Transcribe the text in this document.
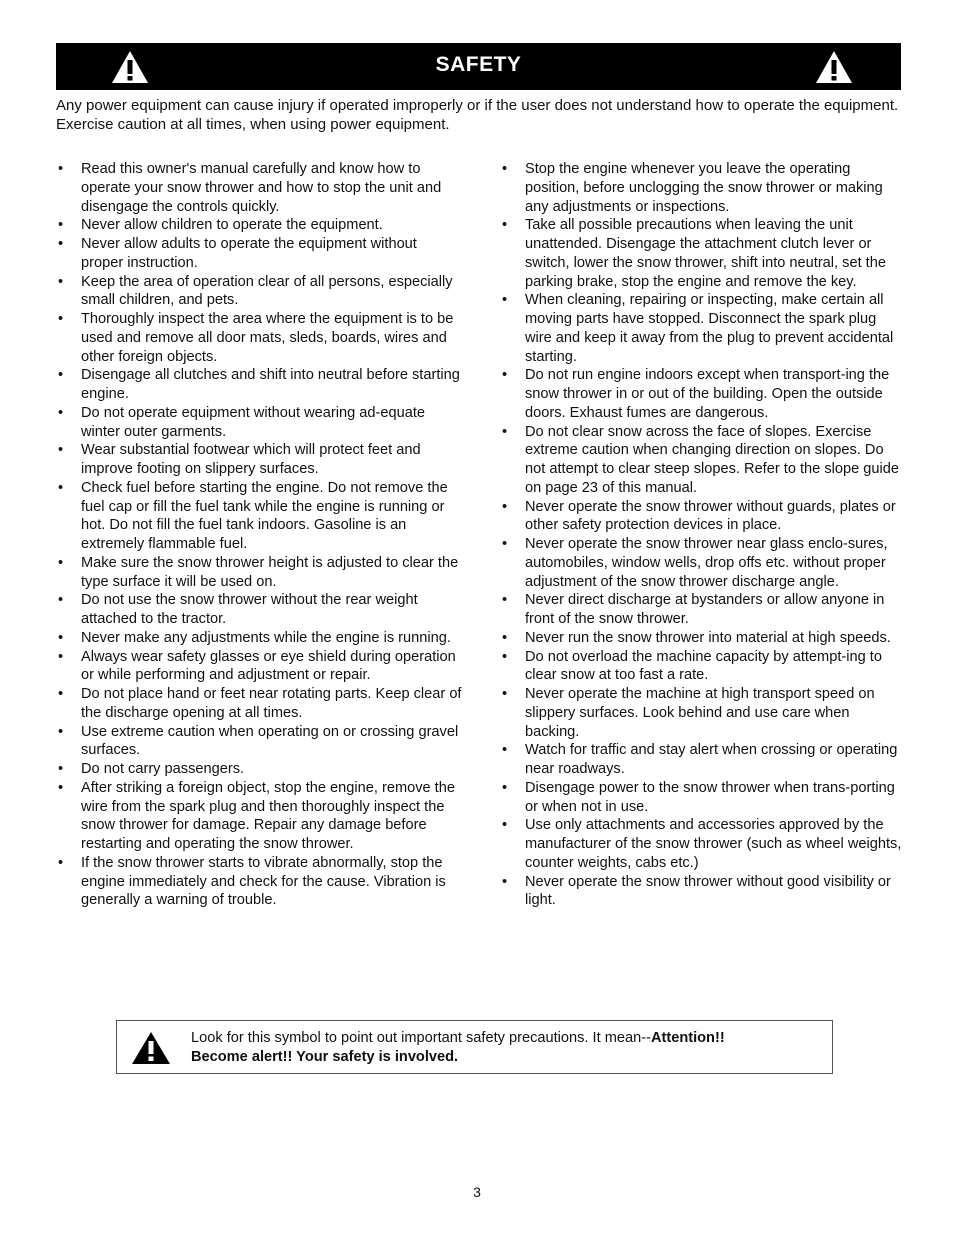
SAFETY
Any power equipment can cause injury if operated improperly or if the user does not understand how to operate the equipment. Exercise caution at all times, when using power equipment.
• Read this owner's manual carefully and know how to operate your snow thrower and how to stop the unit and disengage the controls quickly.
• Never allow children to operate the equipment.
• Never allow adults to operate the equipment without proper instruction.
• Keep the area of operation clear of all persons, especially small children, and pets.
• Thoroughly inspect the area where the equipment is to be used and remove all door mats, sleds, boards, wires and other foreign objects.
• Disengage all clutches and shift into neutral before starting engine.
• Do not operate equipment without wearing ad-equate winter outer garments.
• Wear substantial footwear which will protect feet and improve footing on slippery surfaces.
• Check fuel before starting the engine. Do not remove the fuel cap or fill the fuel tank while the engine is running or hot. Do not fill the fuel tank indoors. Gasoline is an extremely flammable fuel.
• Make sure the snow thrower height is adjusted to clear the type surface it will be used on.
• Do not use the snow thrower without the rear weight attached to the tractor.
• Never make any adjustments while the engine is running.
• Always wear safety glasses or eye shield during operation or while performing and adjustment or repair.
• Do not place hand or feet near rotating parts. Keep clear of the discharge opening at all times.
• Use extreme caution when operating on or crossing gravel surfaces.
• Do not carry passengers.
• After striking a foreign object, stop the engine, remove the wire from the spark plug and then thoroughly inspect the snow thrower for damage. Repair any damage before restarting and operating the snow thrower.
• If the snow thrower starts to vibrate abnormally, stop the engine immediately and check for the cause. Vibration is generally a warning of trouble.
• Stop the engine whenever you leave the operating position, before unclogging the snow thrower or making any adjustments or inspections.
• Take all possible precautions when leaving the unit unattended. Disengage the attachment clutch lever or switch, lower the snow thrower, shift into neutral, set the parking brake, stop the engine and remove the key.
• When cleaning, repairing or inspecting, make certain all moving parts have stopped. Disconnect the spark plug wire and keep it away from the plug to prevent accidental starting.
• Do not run engine indoors except when transport-ing the snow thrower in or out of the building. Open the outside doors. Exhaust fumes are dangerous.
• Do not clear snow across the face of slopes. Exercise extreme caution when changing direction on slopes. Do not attempt to clear steep slopes. Refer to the slope guide on page 23 of this manual.
• Never operate the snow thrower without guards, plates or other safety protection devices in place.
• Never operate the snow thrower near glass enclo-sures, automobiles, window wells, drop offs etc. without proper adjustment of the snow thrower discharge angle.
• Never direct discharge at bystanders or allow anyone in front of the snow thrower.
• Never run the snow thrower into material at high speeds.
• Do not overload the machine capacity by attempt-ing to clear snow at too fast a rate.
• Never operate the machine at high transport speed on slippery surfaces. Look behind and use care when backing.
• Watch for traffic and stay alert when crossing or operating near roadways.
• Disengage power to the snow thrower when trans-porting or when not in use.
• Use only attachments and accessories approved by the manufacturer of the snow thrower (such as wheel weights, counter weights, cabs etc.)
• Never operate the snow thrower without good visibility or light.
Look for this symbol to point out important safety precautions. It mean--Attention!!
Become alert!! Your safety is involved.
3
